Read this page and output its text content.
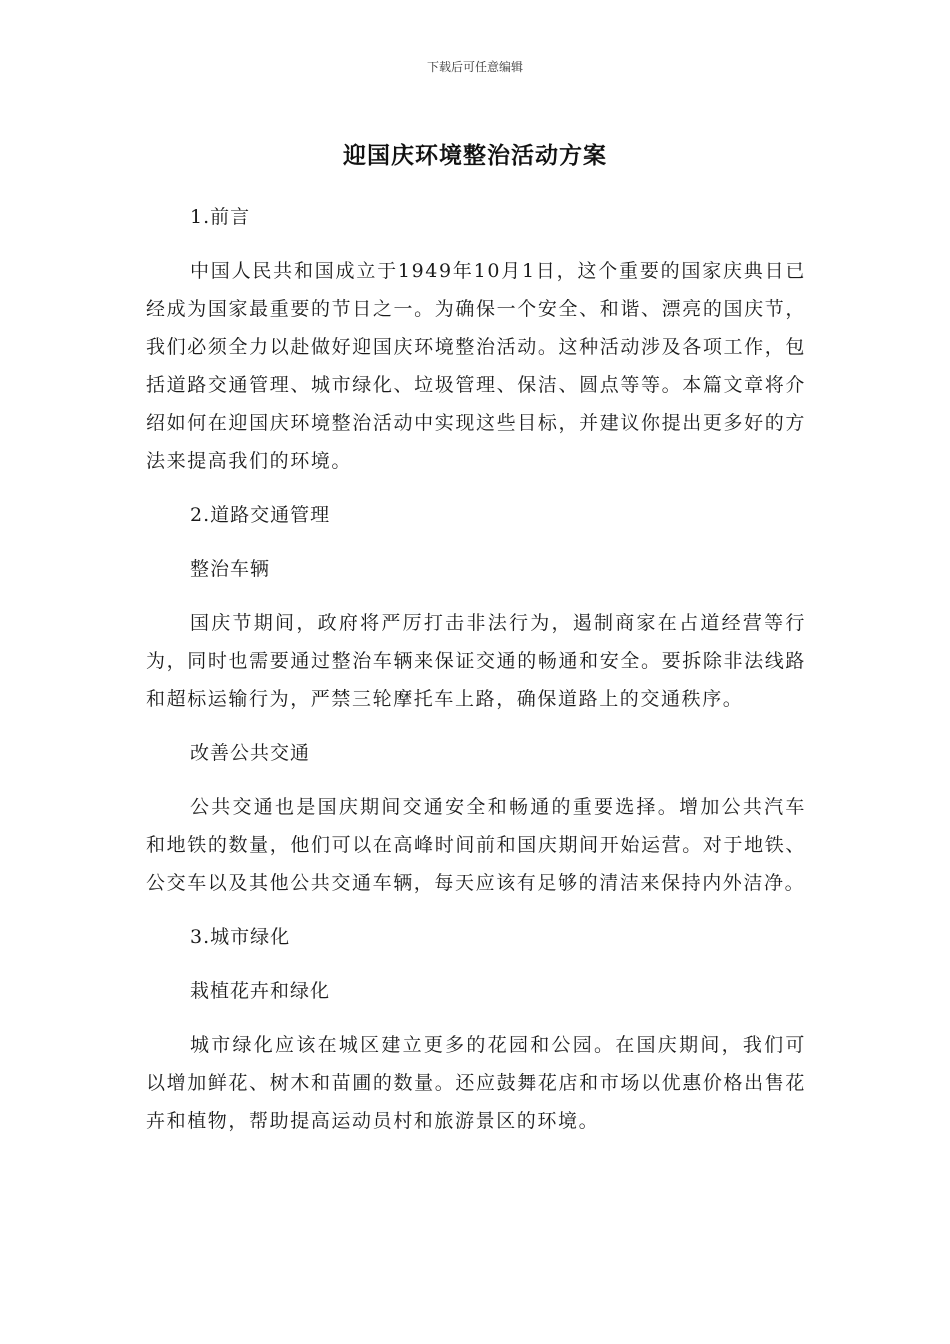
下载后可任意编辑
迎国庆环境整治活动方案

1.前言

中国人民共和国成立于1949年10月1日，这个重要的国家庆典日已经成为国家最重要的节日之一。为确保一个安全、和谐、漂亮的国庆节，我们必须全力以赴做好迎国庆环境整治活动。这种活动涉及各项工作，包括道路交通管理、城市绿化、垃圾管理、保洁、圆点等等。本篇文章将介绍如何在迎国庆环境整治活动中实现这些目标，并建议你提出更多好的方法来提高我们的环境。

2.道路交通管理

整治车辆

国庆节期间，政府将严厉打击非法行为，遏制商家在占道经营等行为，同时也需要通过整治车辆来保证交通的畅通和安全。要拆除非法线路和超标运输行为，严禁三轮摩托车上路，确保道路上的交通秩序。

改善公共交通

公共交通也是国庆期间交通安全和畅通的重要选择。增加公共汽车和地铁的数量，他们可以在高峰时间前和国庆期间开始运营。对于地铁、公交车以及其他公共交通车辆，每天应该有足够的清洁来保持内外洁净。

3.城市绿化

栽植花卉和绿化

城市绿化应该在城区建立更多的花园和公园。在国庆期间，我们可以增加鲜花、树木和苗圃的数量。还应鼓舞花店和市场以优惠价格出售花卉和植物，帮助提高运动员村和旅游景区的环境。
